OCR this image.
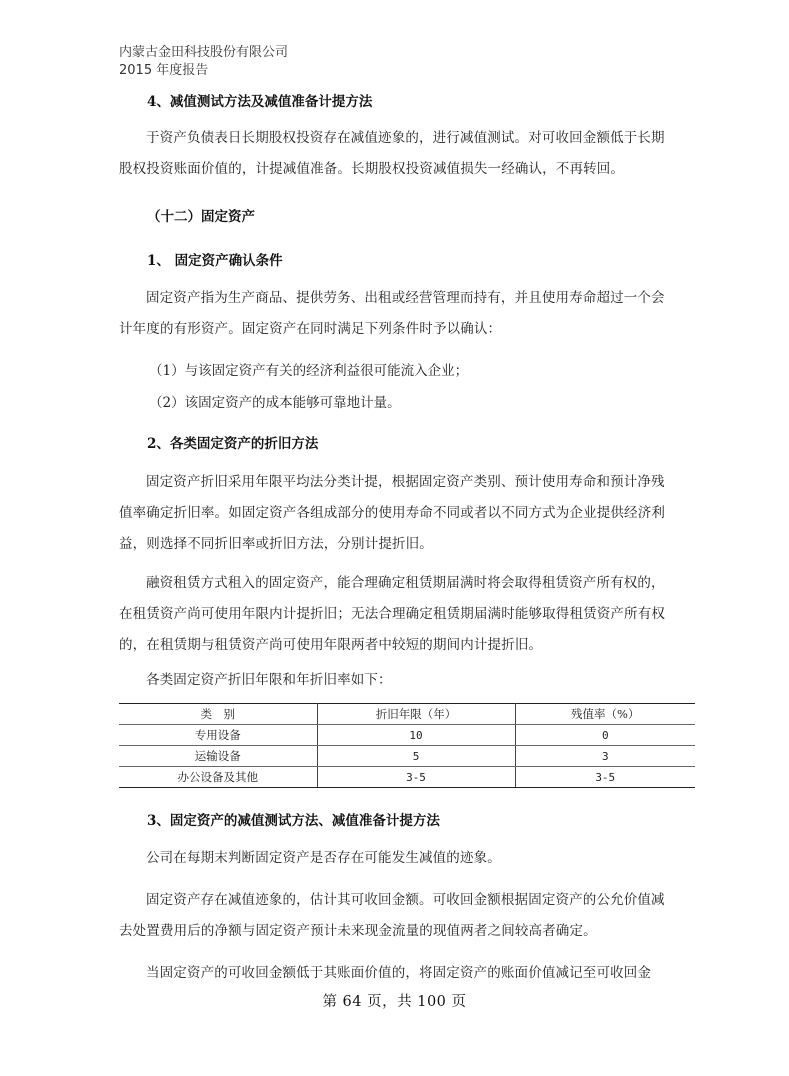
内蒙古金田科技股份有限公司
2015 年度报告
4、减值测试方法及减值准备计提方法
于资产负债表日长期股权投资存在减值迹象的，进行减值测试。对可收回金额低于长期股权投资账面价值的，计提减值准备。长期股权投资减值损失一经确认，不再转回。
（十二）固定资产
1、 固定资产确认条件
固定资产指为生产商品、提供劳务、出租或经营管理而持有，并且使用寿命超过一个会计年度的有形资产。固定资产在同时满足下列条件时予以确认：
（1）与该固定资产有关的经济利益很可能流入企业；
（2）该固定资产的成本能够可靠地计量。
2、各类固定资产的折旧方法
固定资产折旧采用年限平均法分类计提，根据固定资产类别、预计使用寿命和预计净残值率确定折旧率。如固定资产各组成部分的使用寿命不同或者以不同方式为企业提供经济利益，则选择不同折旧率或折旧方法，分别计提折旧。
融资租赁方式租入的固定资产，能合理确定租赁期届满时将会取得租赁资产所有权的，在租赁资产尚可使用年限内计提折旧；无法合理确定租赁期届满时能够取得租赁资产所有权的，在租赁期与租赁资产尚可使用年限两者中较短的期间内计提折旧。
各类固定资产折旧年限和年折旧率如下：
类　别	折旧年限（年）	残值率（%）
专用设备	10	0
运输设备	5	3
办公设备及其他	3-5	3-5
3、固定资产的减值测试方法、减值准备计提方法
公司在每期末判断固定资产是否存在可能发生减值的迹象。
固定资产存在减值迹象的，估计其可收回金额。可收回金额根据固定资产的公允价值减去处置费用后的净额与固定资产预计未来现金流量的现值两者之间较高者确定。
当固定资产的可收回金额低于其账面价值的，将固定资产的账面价值减记至可收回金
第 64 页，共 100 页
